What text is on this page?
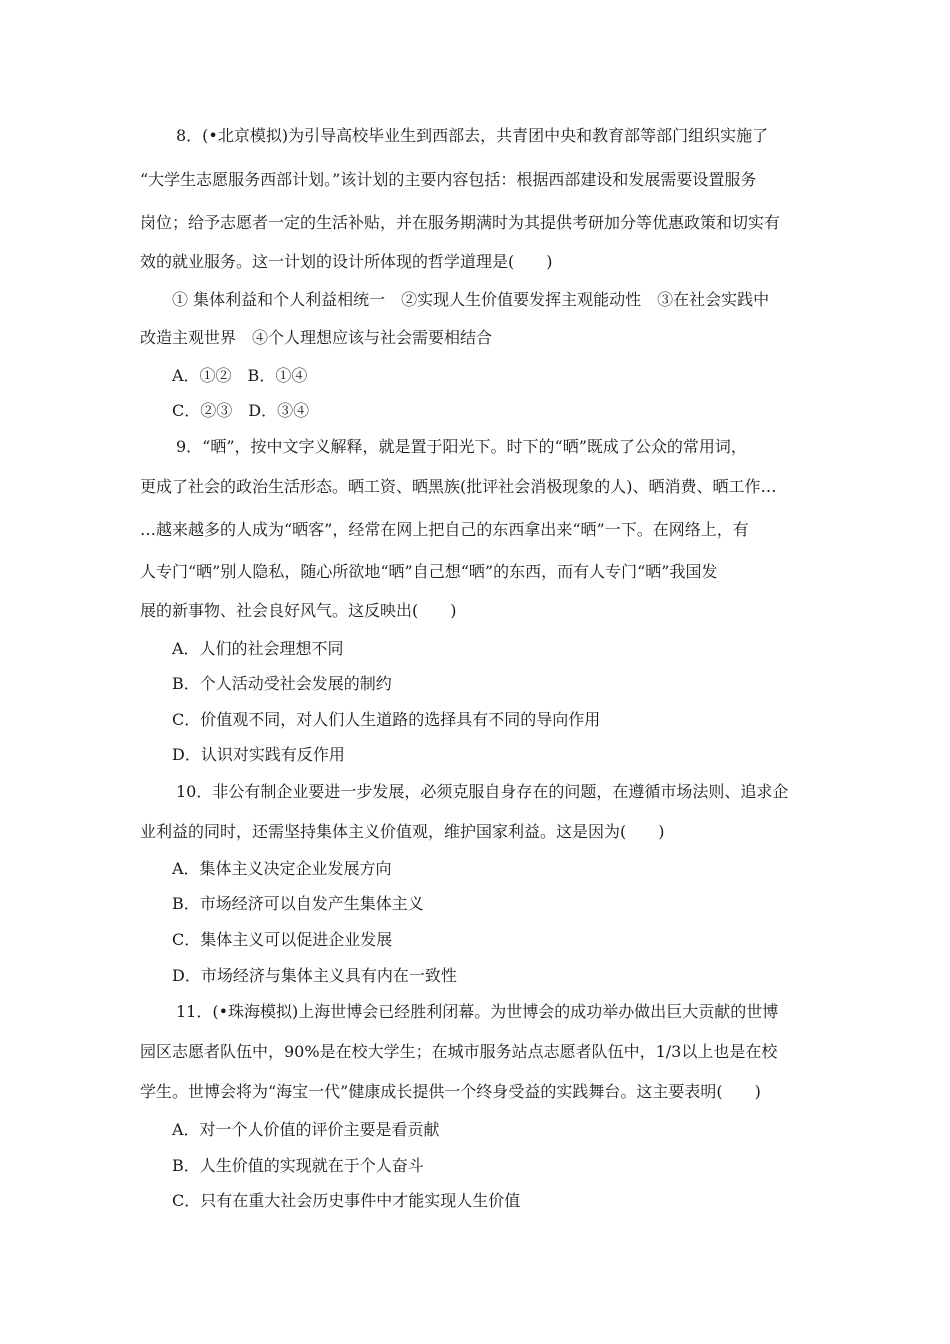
8．(•北京模拟)为引导高校毕业生到西部去，共青团中央和教育部等部门组织实施了
“大学生志愿服务西部计划。”该计划的主要内容包括：根据西部建设和发展需要设置服务
岗位；给予志愿者一定的生活补贴，并在服务期满时为其提供考研加分等优惠政策和切实有
效的就业服务。这一计划的设计所体现的哲学道理是(　　)
① 集体利益和个人利益相统一　②实现人生价值要发挥主观能动性　③在社会实践中
改造主观世界　④个人理想应该与社会需要相结合
A．①②　B．①④
C．②③　D．③④
9．“晒”，按中文字义解释，就是置于阳光下。时下的“晒”既成了公众的常用词，
更成了社会的政治生活形态。晒工资、晒黑族(批评社会消极现象的人)、晒消费、晒工作…
…越来越多的人成为“晒客”，经常在网上把自己的东西拿出来“晒”一下。在网络上，有
人专门“晒”别人隐私，随心所欲地“晒”自己想“晒”的东西，而有人专门“晒”我国发
展的新事物、社会良好风气。这反映出(　　)
A．人们的社会理想不同
B．个人活动受社会发展的制约
C．价值观不同，对人们人生道路的选择具有不同的导向作用
D．认识对实践有反作用
10．非公有制企业要进一步发展，必须克服自身存在的问题，在遵循市场法则、追求企
业利益的同时，还需坚持集体主义价值观，维护国家利益。这是因为(　　)
A．集体主义决定企业发展方向
B．市场经济可以自发产生集体主义
C．集体主义可以促进企业发展
D．市场经济与集体主义具有内在一致性
11．(•珠海模拟)上海世博会已经胜利闭幕。为世博会的成功举办做出巨大贡献的世博
园区志愿者队伍中，90%是在校大学生；在城市服务站点志愿者队伍中，1/3以上也是在校
学生。世博会将为“海宝一代”健康成长提供一个终身受益的实践舞台。这主要表明(　　)
A．对一个人价值的评价主要是看贡献
B．人生价值的实现就在于个人奋斗
C．只有在重大社会历史事件中才能实现人生价值
